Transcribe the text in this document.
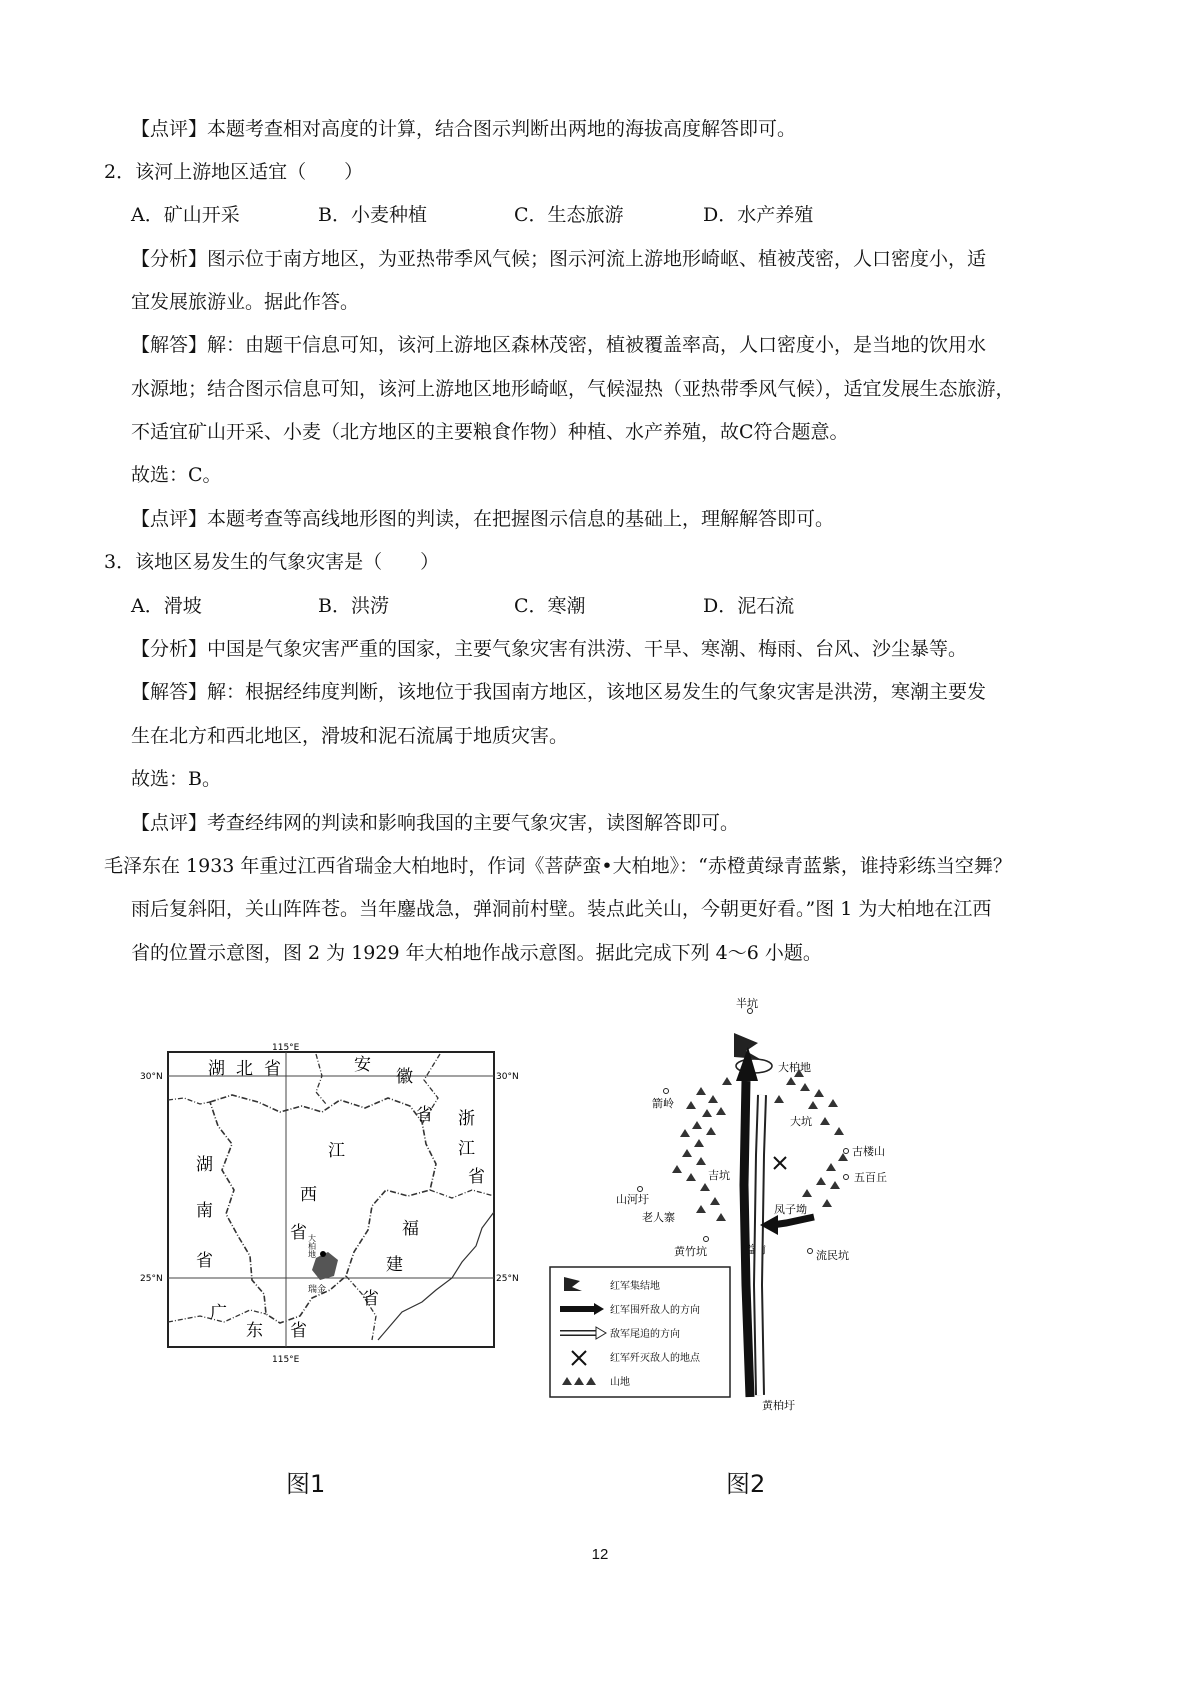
【点评】本题考查相对高度的计算，结合图示判断出两地的海拔高度解答即可。
2．该河上游地区适宜（　　）
A．矿山开采	B．小麦种植	C．生态旅游	D．水产养殖
【分析】图示位于南方地区，为亚热带季风气候；图示河流上游地形崎岖、植被茂密，人口密度小，适
宜发展旅游业。据此作答。
【解答】解：由题干信息可知，该河上游地区森林茂密，植被覆盖率高，人口密度小，是当地的饮用水
水源地；结合图示信息可知，该河上游地区地形崎岖，气候湿热（亚热带季风气候），适宜发展生态旅游，
不适宜矿山开采、小麦（北方地区的主要粮食作物）种植、水产养殖，故C符合题意。
故选：C。
【点评】本题考查等高线地形图的判读，在把握图示信息的基础上，理解解答即可。
3．该地区易发生的气象灾害是（　　）
A．滑坡	B．洪涝	C．寒潮	D．泥石流
【分析】中国是气象灾害严重的国家，主要气象灾害有洪涝、干旱、寒潮、梅雨、台风、沙尘暴等。
【解答】解：根据经纬度判断，该地位于我国南方地区，该地区易发生的气象灾害是洪涝，寒潮主要发
生在北方和西北地区，滑坡和泥石流属于地质灾害。
故选：B。
【点评】考查经纬网的判读和影响我国的主要气象灾害，读图解答即可。
毛泽东在 1933 年重过江西省瑞金大柏地时，作词《菩萨蛮•大柏地》：“赤橙黄绿青蓝紫，谁持彩练当空舞？
雨后复斜阳，关山阵阵苍。当年鏖战急，弹洞前村壁。装点此关山，今朝更好看。”图 1 为大柏地在江西
省的位置示意图，图 2 为 1929 年大柏地作战示意图。据此完成下列 4～6 小题。
115°E
115°E
30°N	30°N
25°N	25°N
大柏地
瑞金
湖 北 省	安
徽
省 浙
江
省
江
西
省
湖
南
省
福
建
省
广
东 省
图1
半坑
大柏地
箭岭
大坑
古楼山
五百丘
吉坑
山河圩
老人寨
凤子坳
黄竹坑	隘前	流民坑
黄柏圩
红军集结地
红军围歼敌人的方向
敌军尾追的方向
红军歼灭敌人的地点
山地
图2
12
